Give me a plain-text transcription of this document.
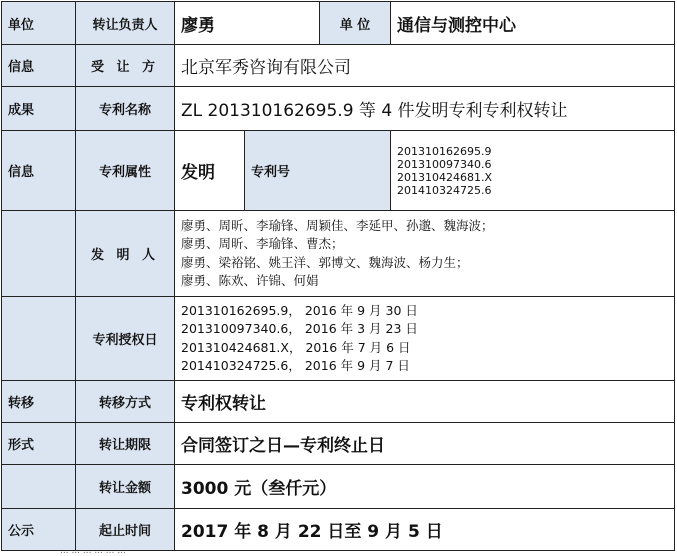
单位	转让负责人	廖勇		单 位	通信与测控中心
信息	受 让 方	北京军秀咨询有限公司			
成果	专利名称	ZL 201310162695.9 等 4 件发明专利专利权转让			
信息	专利属性	发明	专利号		201310162695.9
201310097340.6
201310424681.X
201410324725.6

	发 明 人	廖勇、周昕、李瑜锋、周颖佳、李延甲、孙邈、魏海波；
廖勇、周昕、李瑜锋、曹杰；
廖勇、梁裕铭、姚王洋、郭博文、魏海波、杨力生；
廖勇、陈欢、许锦、何娟			

	专利授权日	201310162695.9， 2016 年 9 月 30 日
201310097340.6， 2016 年 3 月 23 日
201310424681.X， 2016 年 7 月 6 日
201410324725.6， 2016 年 9 月 7 日			

转移	转移方式	专利权转让			
形式	转让期限	合同签订之日—专利终止日			
	转让金额	3000 元（叁仟元）			
公示	起止时间	2017 年 8 月 22 日至 9 月 5 日			
... ... ... ... ... ...
